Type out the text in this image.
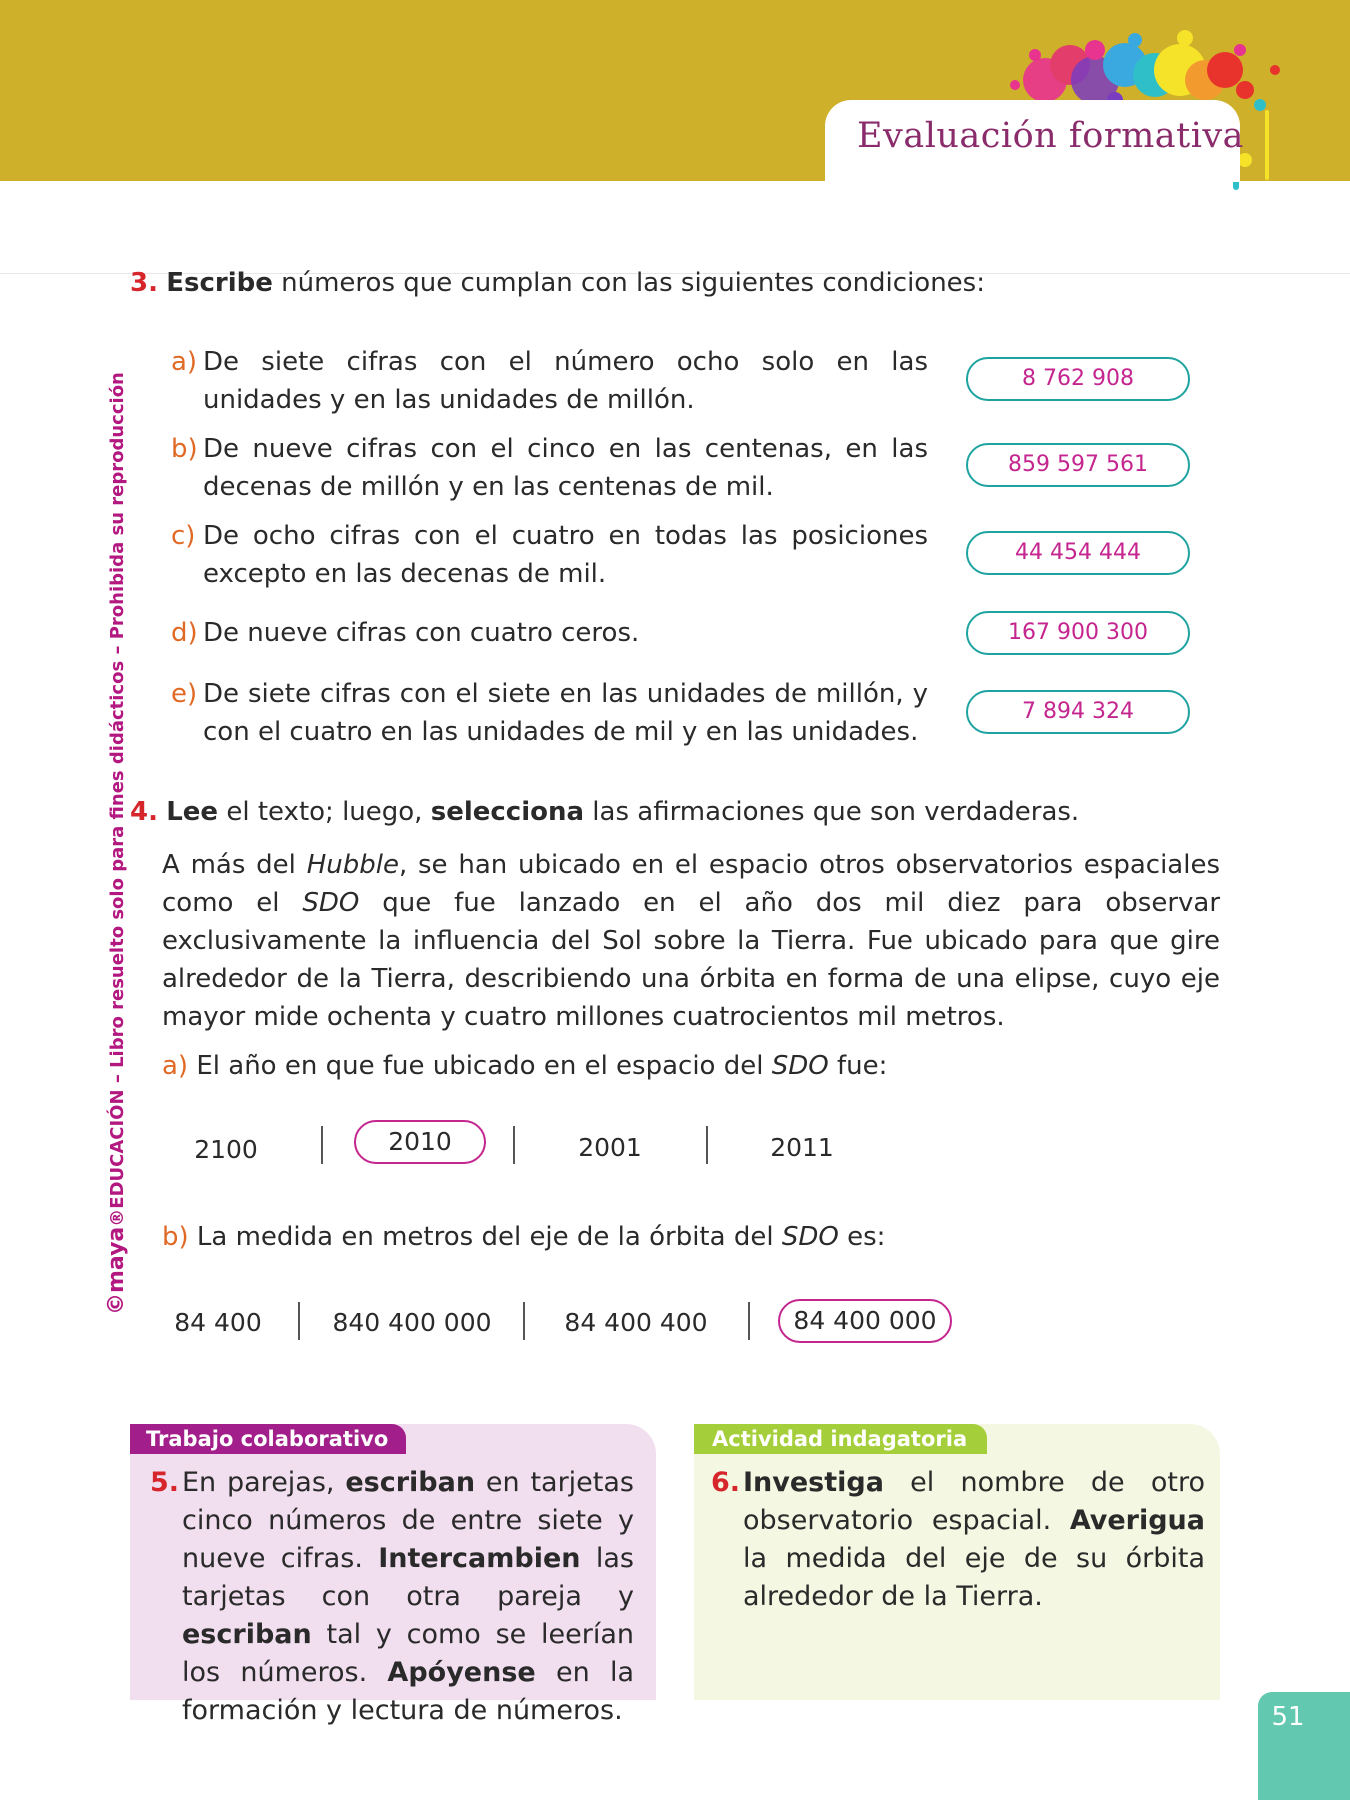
Evaluación formativa
©maya®EDUCACIÓN – Libro resuelto solo para fines didácticos – Prohibida su reproducción
3. Escribe números que cumplan con las siguientes condiciones:
a) De siete cifras con el número ocho solo en las unidades y en las unidades de millón.
8 762 908
b) De nueve cifras con el cinco en las centenas, en las decenas de millón y en las centenas de mil.
859 597 561
c) De ocho cifras con el cuatro en todas las posiciones excepto en las decenas de mil.
44 454 444
d) De nueve cifras con cuatro ceros.	167 900 300
e) De siete cifras con el siete en las unidades de millón, y con el cuatro en las unidades de mil y en las unidades.
7 894 324
4. Lee el texto; luego, selecciona las afirmaciones que son verdaderas.
A más del Hubble, se han ubicado en el espacio otros observatorios espaciales como el SDO que fue lanzado en el año dos mil diez para observar exclusivamente la influencia del Sol sobre la Tierra. Fue ubicado para que gire alrededor de la Tierra, describiendo una órbita en forma de una elipse, cuyo eje mayor mide ochenta y cuatro millones cuatrocientos mil metros.
a) El año en que fue ubicado en el espacio del SDO fue:
2100	2010	2001	2011
b) La medida en metros del eje de la órbita del SDO es:
84 400	840 400 000	84 400 400	84 400 000
Trabajo colaborativo
5. En parejas, escriban en tarjetas cinco números de entre siete y nueve cifras. Intercambien las tarjetas con otra pareja y escriban tal y como se leerían los números. Apóyense en la formación y lectura de números.
Actividad indagatoria
6. Investiga el nombre de otro observatorio espacial. Averigua la medida del eje de su órbita alrededor de la Tierra.
51
